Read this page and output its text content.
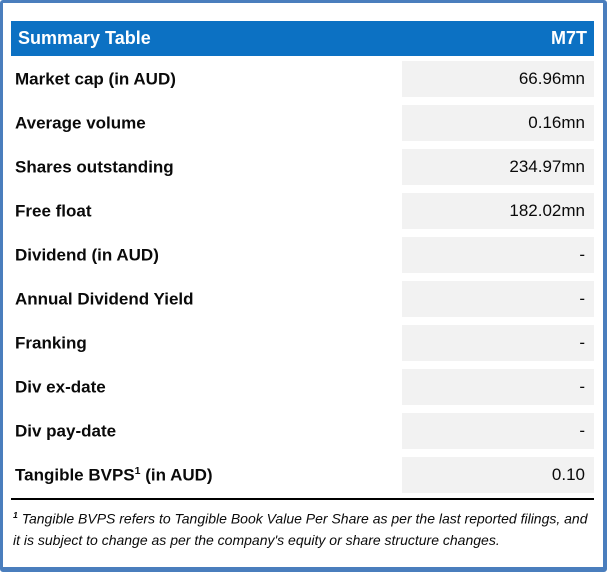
Summary Table	M7T
Market cap (in AUD)	66.96mn
Average volume	0.16mn
Shares outstanding	234.97mn
Free float	182.02mn
Dividend (in AUD)	-
Annual Dividend Yield	-
Franking	-
Div ex-date	-
Div pay-date	-
Tangible BVPS$^1$ (in AUD)	0.10
$^1$ Tangible BVPS refers to Tangible Book Value Per Share as per the last reported filings, and it is subject to change as per the company's equity or share structure changes.
